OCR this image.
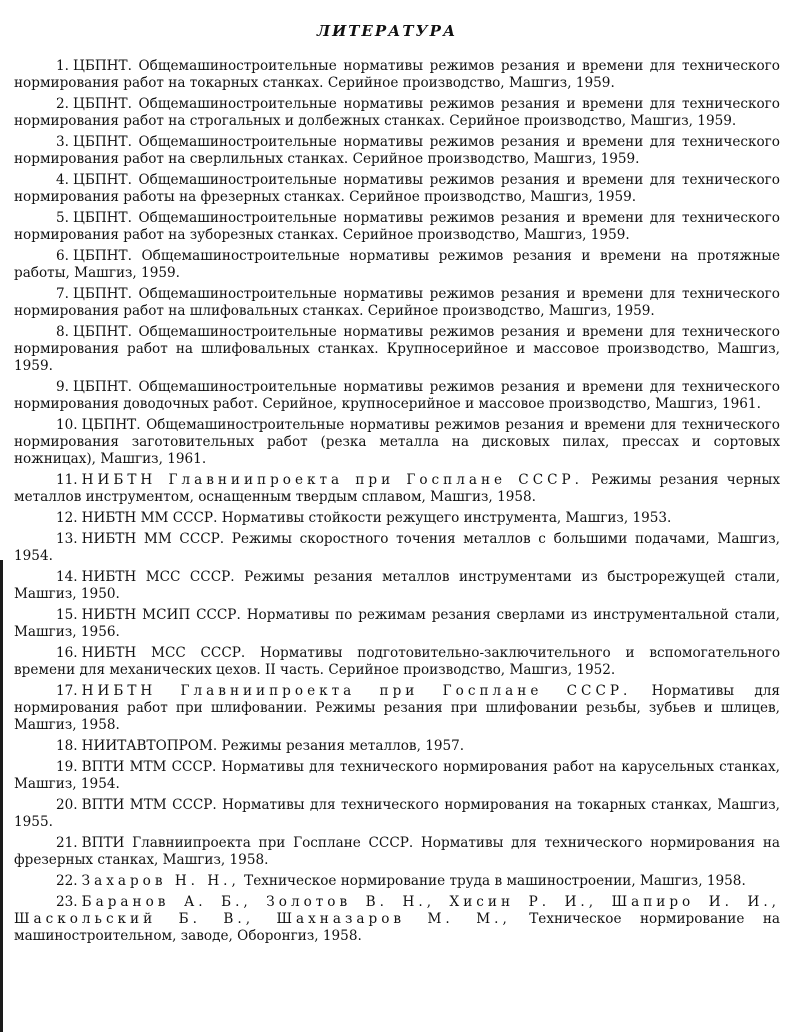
ЛИТЕРАТУРА
1. ЦБПНТ. Общемашиностроительные нормативы режимов резания и времени для технического нормирования работ на токарных станках. Серийное производство, Машгиз, 1959.
2. ЦБПНТ. Общемашиностроительные нормативы режимов резания и времени для технического нормирования работ на строгальных и долбежных станках. Серийное производство, Машгиз, 1959.
3. ЦБПНТ. Общемашиностроительные нормативы режимов резания и времени для технического нормирования работ на сверлильных станках. Серийное производство, Машгиз, 1959.
4. ЦБПНТ. Общемашиностроительные нормативы режимов резания и времени для технического нормирования работы на фрезерных станках. Серийное производство, Машгиз, 1959.
5. ЦБПНТ. Общемашиностроительные нормативы режимов резания и времени для технического нормирования работ на зуборезных станках. Серийное производство, Машгиз, 1959.
6. ЦБПНТ. Общемашиностроительные нормативы режимов резания и времени на протяжные работы, Машгиз, 1959.
7. ЦБПНТ. Общемашиностроительные нормативы режимов резания и времени для технического нормирования работ на шлифовальных станках. Серийное производство, Машгиз, 1959.
8. ЦБПНТ. Общемашиностроительные нормативы режимов резания и времени для технического нормирования работ на шлифовальных станках. Крупносерийное и массовое производство, Машгиз, 1959.
9. ЦБПНТ. Общемашиностроительные нормативы режимов резания и времени для технического нормирования доводочных работ. Серийное, крупносерийное и массовое производство, Машгиз, 1961.
10. ЦБПНТ. Общемашиностроительные нормативы режимов резания и времени для технического нормирования заготовительных работ (резка металла на дисковых пилах, прессах и сортовых ножницах), Машгиз, 1961.
11. НИБТН Главниипроекта при Госплане СССР. Режимы резания черных металлов инструментом, оснащенным твердым сплавом, Машгиз, 1958.
12. НИБТН ММ СССР. Нормативы стойкости режущего инструмента, Машгиз, 1953.
13. НИБТН ММ СССР. Режимы скоростного точения металлов с большими подачами, Машгиз, 1954.
14. НИБТН МСС СССР. Режимы резания металлов инструментами из быстрорежущей стали, Машгиз, 1950.
15. НИБТН МСИП СССР. Нормативы по режимам резания сверлами из инструментальной стали, Машгиз, 1956.
16. НИБТН МСС СССР. Нормативы подготовительно-заключительного и вспомогательного времени для механических цехов. II часть. Серийное производство, Машгиз, 1952.
17. НИБТН Главниипроекта при Госплане СССР. Нормативы для нормирования работ при шлифовании. Режимы резания при шлифовании резьбы, зубьев и шлицев, Машгиз, 1958.
18. НИИТАВТОПРОМ. Режимы резания металлов, 1957.
19. ВПТИ МТМ СССР. Нормативы для технического нормирования работ на карусельных станках, Машгиз, 1954.
20. ВПТИ МТМ СССР. Нормативы для технического нормирования на токарных станках, Машгиз, 1955.
21. ВПТИ Главниипроекта при Госплане СССР. Нормативы для технического нормирования на фрезерных станках, Машгиз, 1958.
22. Захаров Н. Н., Техническое нормирование труда в машиностроении, Машгиз, 1958.
23. Баранов А. Б., Золотов В. Н., Хисин Р. И., Шапиро И. И., Шаскольский Б. В., Шахназаров М. М., Техническое нормирование на машиностроительном, заводе, Оборонгиз, 1958.
